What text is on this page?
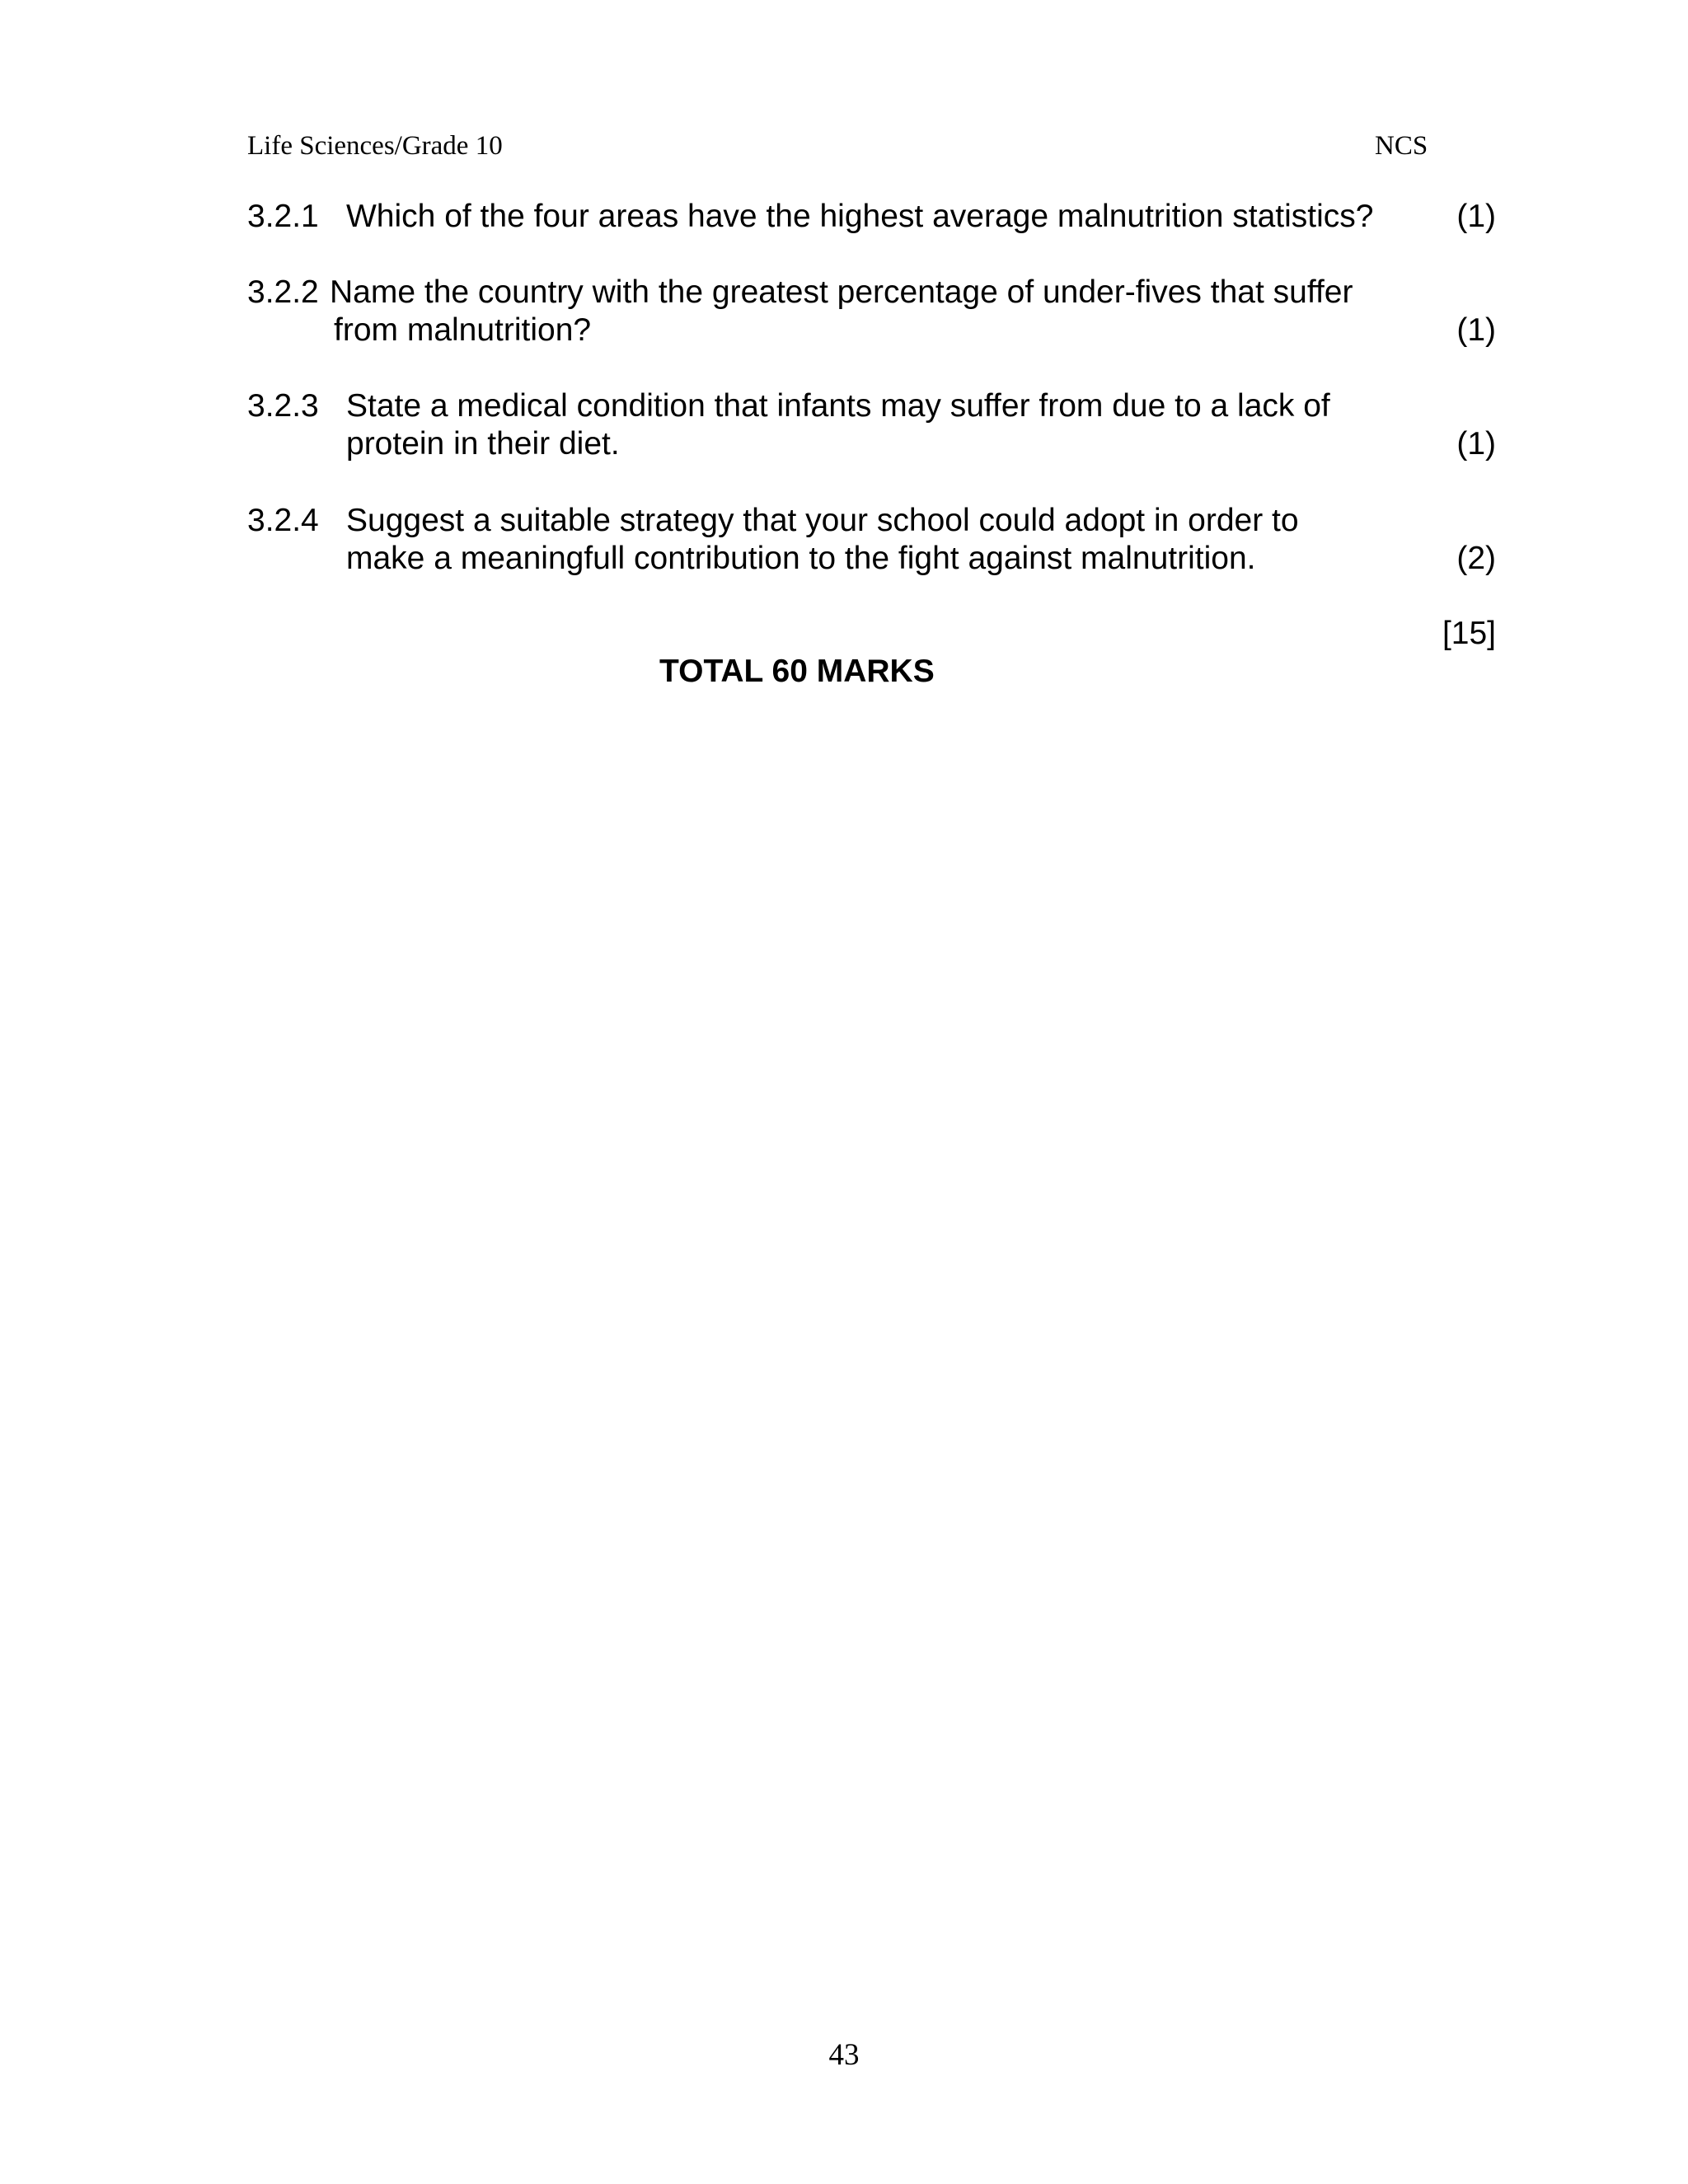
Life Sciences/Grade 10	NCS
3.2.1 Which of the four areas have the highest average malnutrition statistics?	(1)
3.2.2 Name the country with the greatest percentage of under-fives that suffer
from malnutrition?	(1)
3.2.3 State a medical condition that infants may suffer from due to a lack of
protein in their diet.	(1)
3.2.4 Suggest a suitable strategy that your school could adopt in order to
make a meaningfull contribution to the fight against malnutrition.	(2)
[15]
TOTAL 60 MARKS
43
